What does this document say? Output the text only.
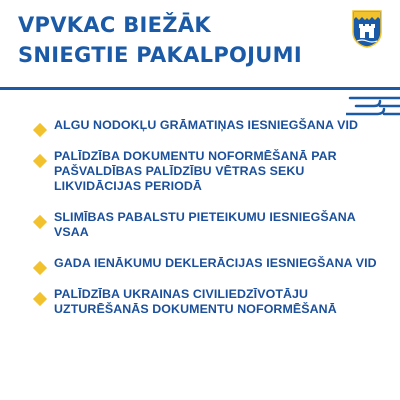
VPVKAC BIEŽĀK
SNIEGTIE PAKALPOJUMI
ALGU NODOKĻU GRĀMATIŅAS IESNIEGŠANA VID
PALĪDZĪBA DOKUMENTU NOFORMĒŠANĀ PAR PAŠVALDĪBAS PALĪDZĪBU VĒTRAS SEKU LIKVIDĀCIJAS PERIODĀ
SLIMĪBAS PABALSTU PIETEIKUMU IESNIEGŠANA VSAA
GADA IENĀKUMU DEKLERĀCIJAS IESNIEGŠANA VID
PALĪDZĪBA UKRAINAS CIVILIEDZĪVOTĀJU UZTURĒŠANĀS DOKUMENTU NOFORMĒŠANĀ
